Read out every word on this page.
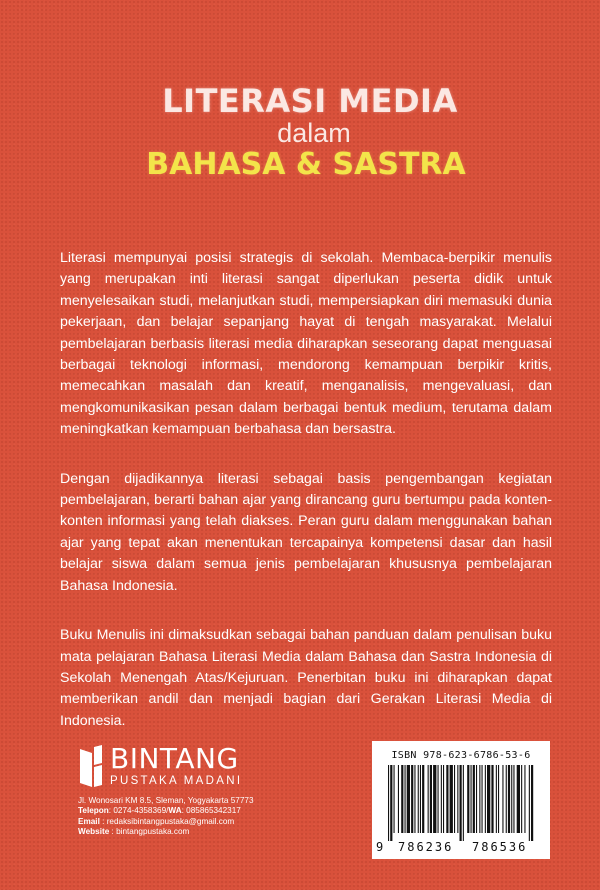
LITERASI MEDIA
dalam
BAHASA & SASTRA

Literasi mempunyai posisi strategis di sekolah. Membaca-berpikir menulis yang merupakan inti literasi sangat diperlukan peserta didik untuk menyelesaikan studi, melanjutkan studi, mempersiapkan diri memasuki dunia pekerjaan, dan belajar sepanjang hayat di tengah masyarakat. Melalui pembelajaran berbasis literasi media diharapkan seseorang dapat menguasai berbagai teknologi informasi, mendorong kemampuan berpikir kritis, memecahkan masalah dan kreatif, menganalisis, mengevaluasi, dan mengkomunikasikan pesan dalam berbagai bentuk medium, terutama dalam meningkatkan kemampuan berbahasa dan bersastra.

Dengan dijadikannya literasi sebagai basis pengembangan kegiatan pembelajaran, berarti bahan ajar yang dirancang guru bertumpu pada konten-konten informasi yang telah diakses. Peran guru dalam menggunakan bahan ajar yang tepat akan menentukan tercapainya kompetensi dasar dan hasil belajar siswa dalam semua jenis pembelajaran khususnya pembelajaran Bahasa Indonesia.

Buku Menulis ini dimaksudkan sebagai bahan panduan dalam penulisan buku mata pelajaran Bahasa Literasi Media dalam Bahasa dan Sastra Indonesia di Sekolah Menengah Atas/Kejuruan. Penerbitan buku ini diharapkan dapat memberikan andil dan menjadi bagian dari Gerakan Literasi Media di Indonesia.

BINTANG
PUSTAKA MADANI
Jl. Wonosari KM 8.5, Sleman, Yogyakarta 57773
Telepon: 0274-4358369/WA: 085865342317
Email : redaksibintangpustaka@gmail.com
Website : bintangpustaka.com
ISBN 978-623-6786-53-6
9 786236 786536
